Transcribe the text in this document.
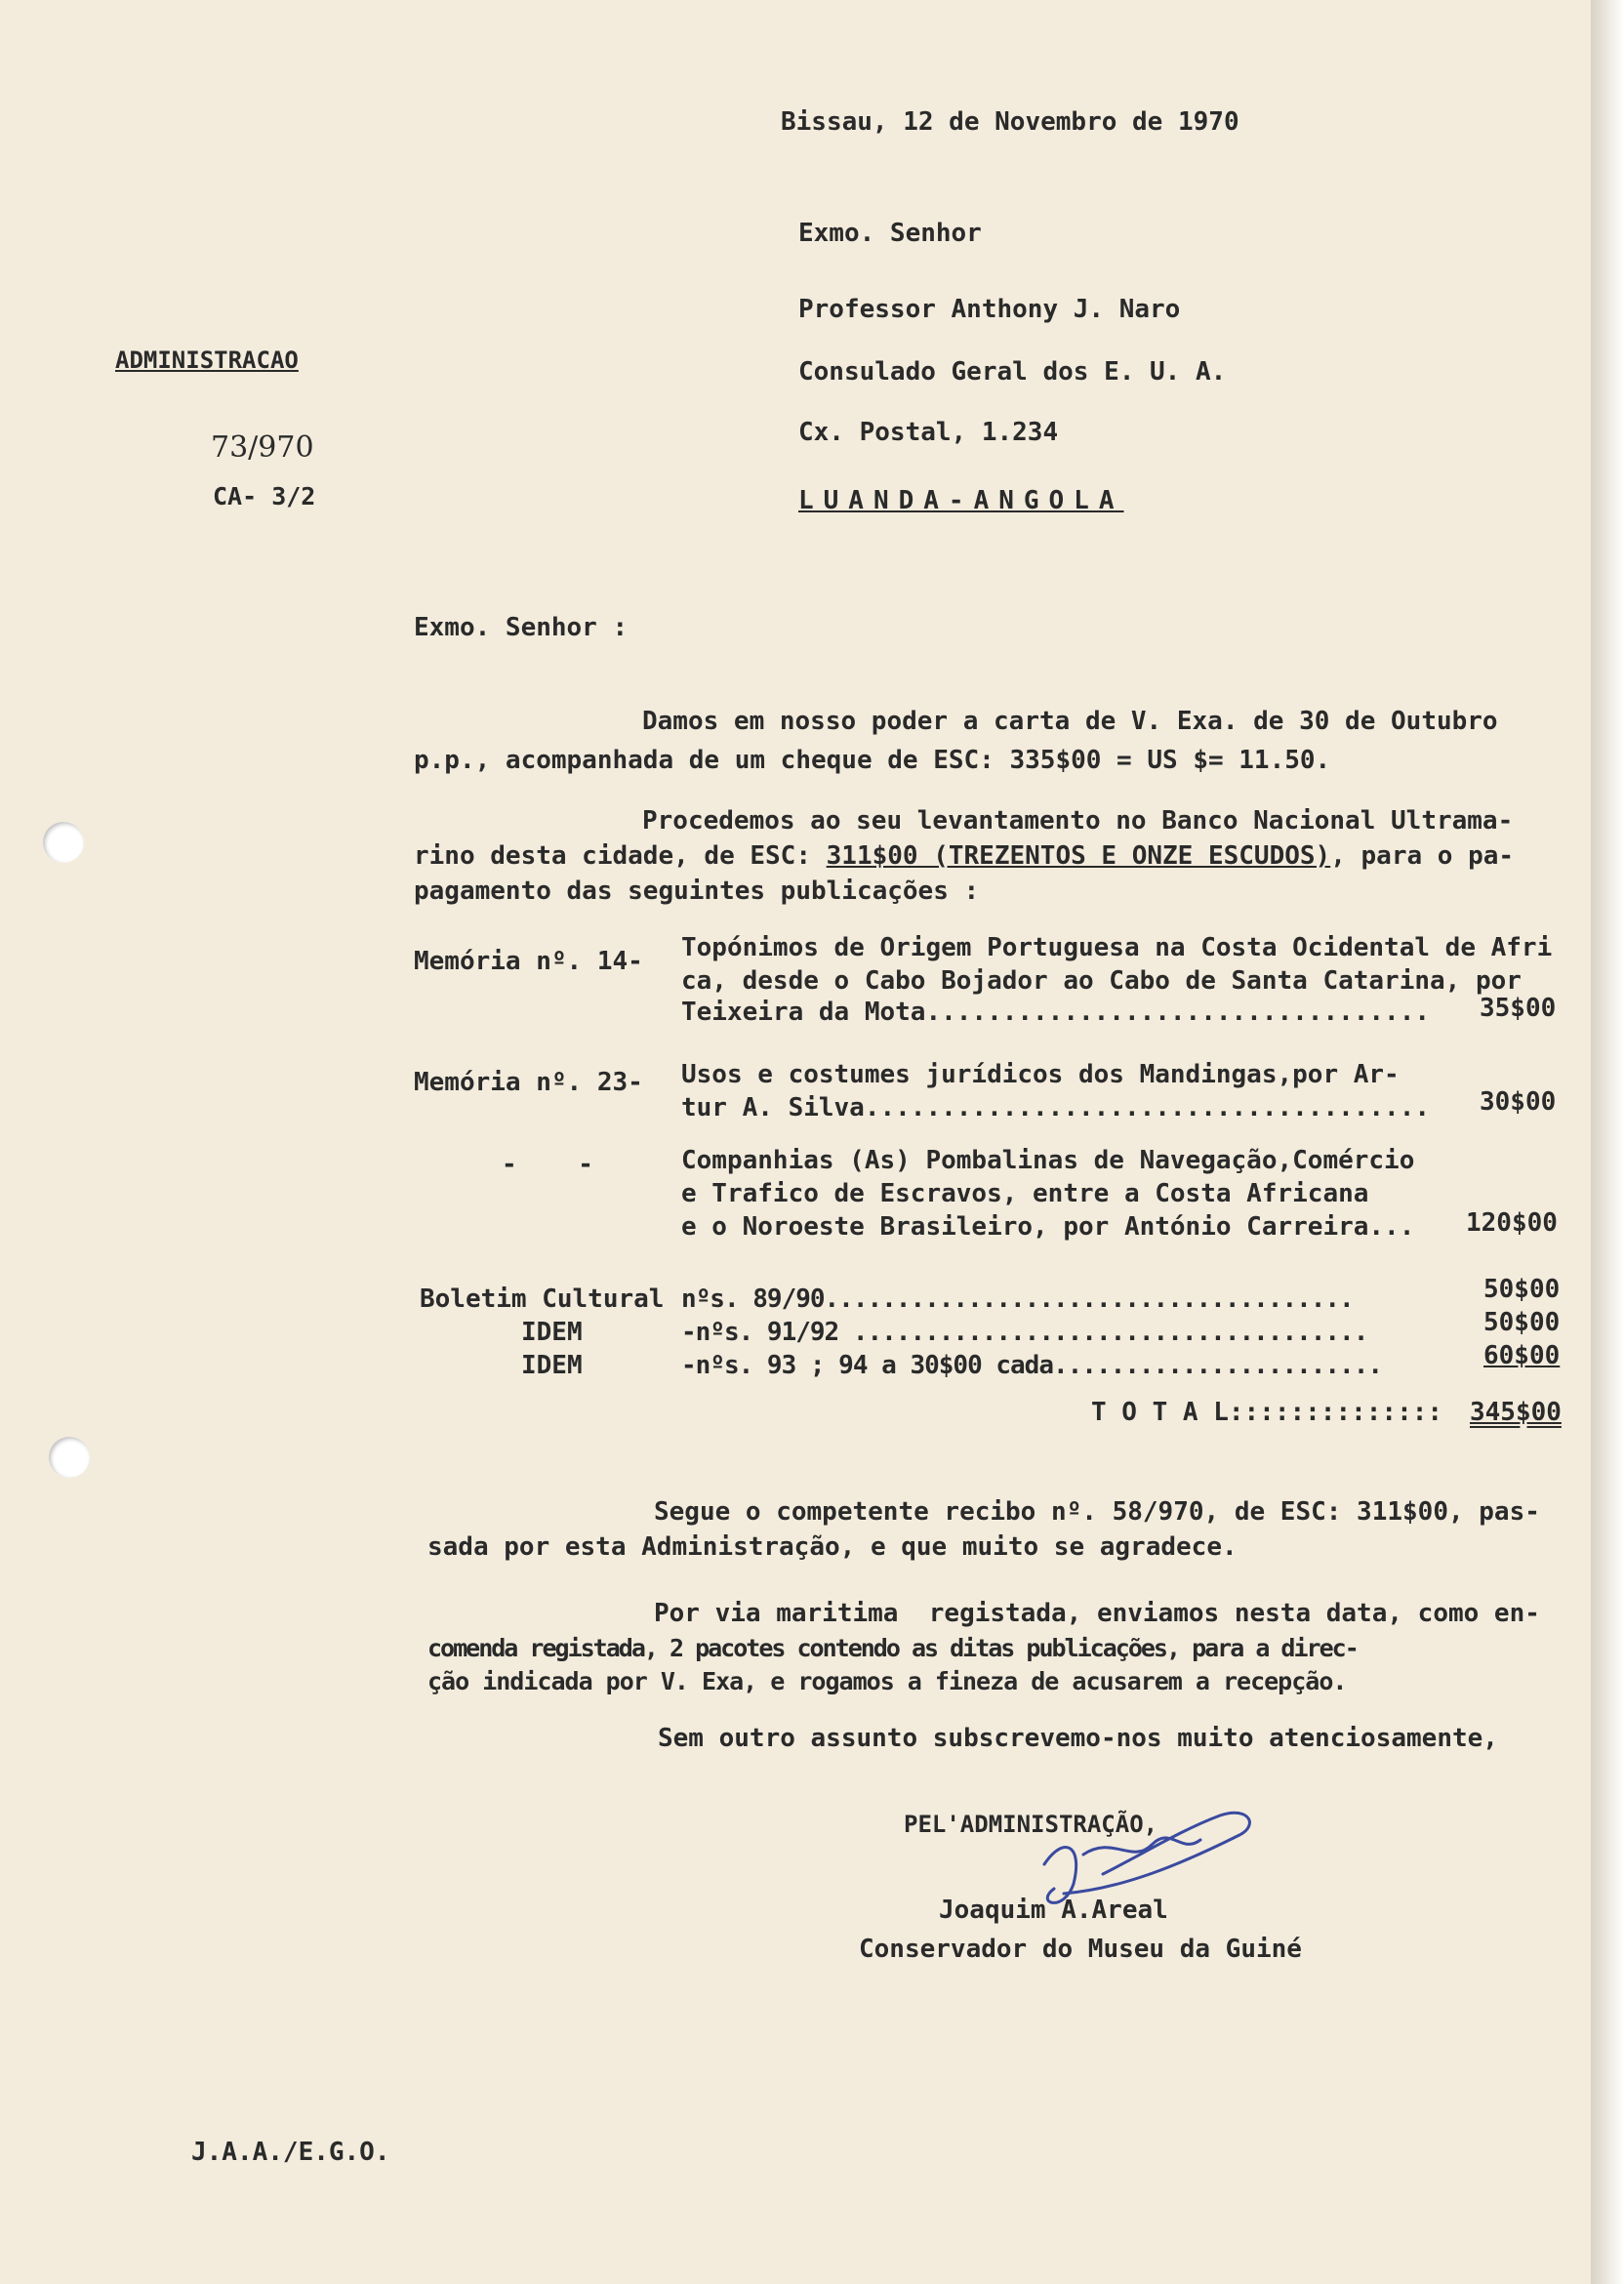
Bissau, 12 de Novembro de 1970
Exmo. Senhor
Professor Anthony J. Naro
Consulado Geral dos E. U. A.
Cx. Postal, 1.234
LUANDA-ANGOLA
ADMINISTRACAO
73/970
CA- 3/2
Exmo. Senhor :
Damos em nosso poder a carta de V. Exa. de 30 de Outubro
p.p., acompanhada de um cheque de ESC: 335$00 = US $= 11.50.
Procedemos ao seu levantamento no Banco Nacional Ultrama-
rino desta cidade, de ESC: 311$00 (TREZENTOS E ONZE ESCUDOS), para o pa-
pagamento das seguintes publicações :
Memória nº. 14- Topónimos de Origem Portuguesa na Costa Ocidental de Afri
ca, desde o Cabo Bojador ao Cabo de Santa Catarina, por
Teixeira da Mota................................. 35$00
Memória nº. 23- Usos e costumes jurídicos dos Mandingas,por Ar-
tur A. Silva..................................... 30$00
-    -	Companhias (As) Pombalinas de Navegação,Comércio
e Trafico de Escravos, entre a Costa Africana
e o Noroeste Brasileiro, por António Carreira... 120$00
Boletim Cultural nºs. 89/90.....................................	50$00
IDEM	-nºs. 91/92 ....................................	50$00
IDEM	-nºs. 93 ; 94 a 30$00 cada.......................	60$00
T O T A L:::::::::::::: 345$00
Segue o competente recibo nº. 58/970, de ESC: 311$00, pas-
sada por esta Administração, e que muito se agradece.
Por via maritima  registada, enviamos nesta data, como en-
comenda registada, 2 pacotes contendo as ditas publicações, para a direc-
ção indicada por V. Exa, e rogamos a fineza de acusarem a recepção.
Sem outro assunto subscrevemo-nos muito atenciosamente,
PEL'ADMINISTRAÇÃO,
Joaquim A.Areal
Conservador do Museu da Guiné
J.A.A./E.G.O.
